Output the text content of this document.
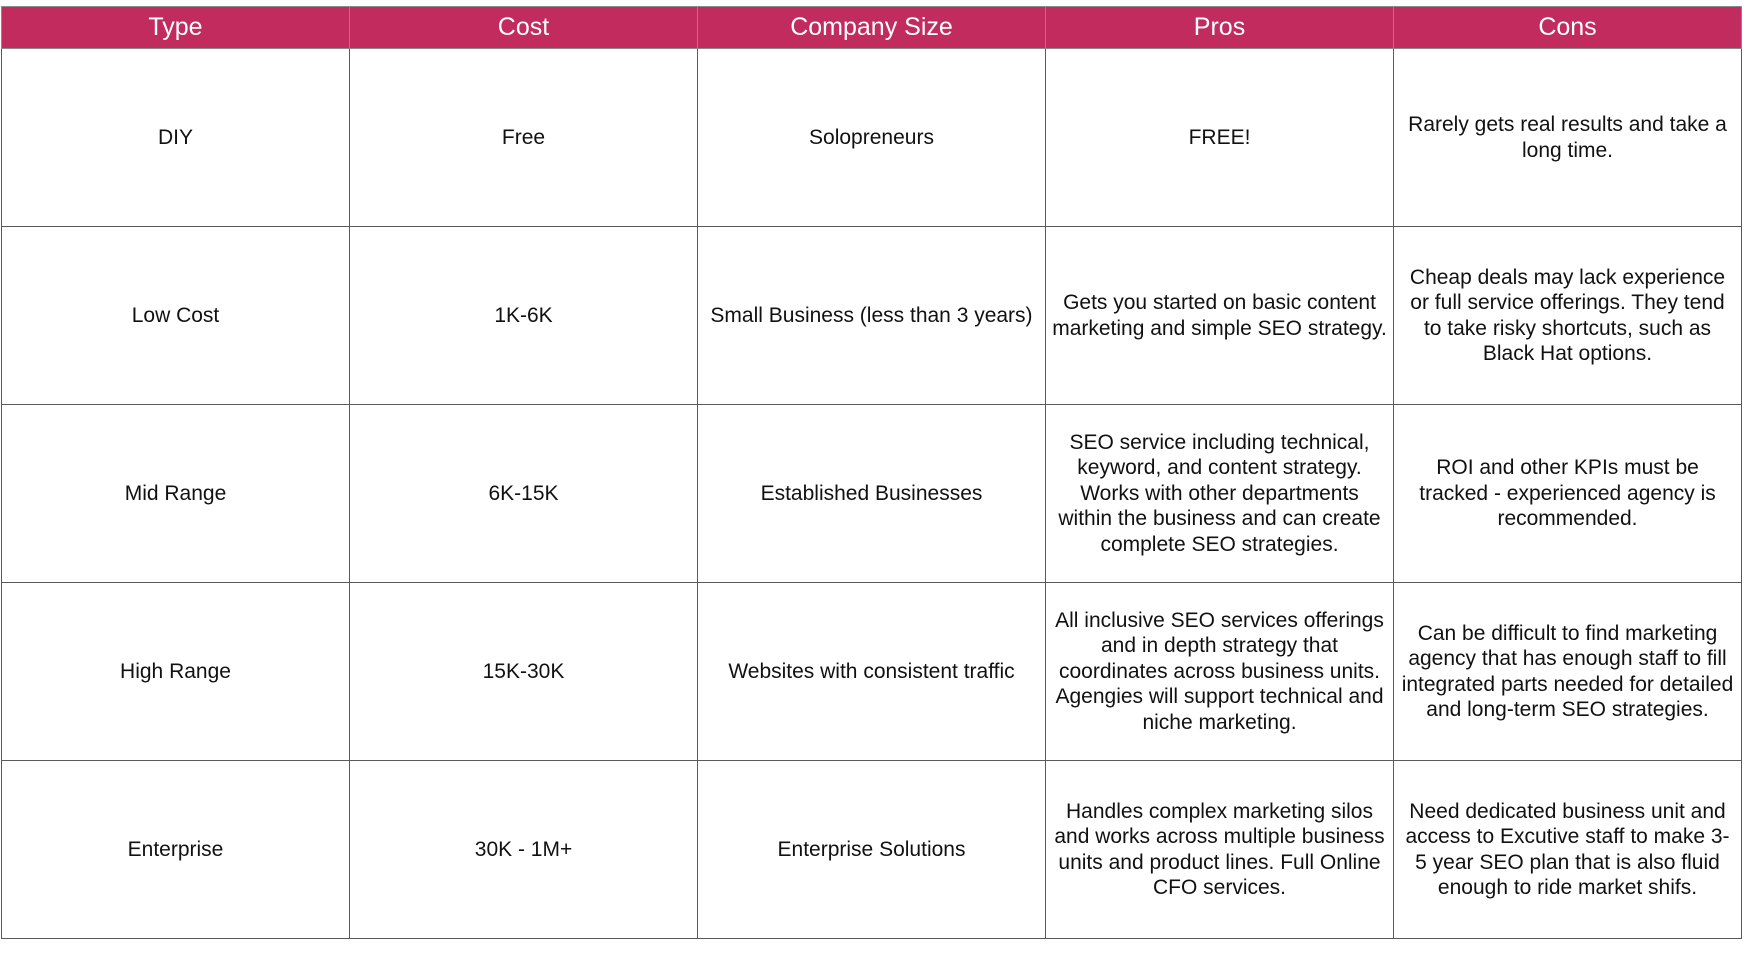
Type	Cost	Company Size	Pros	Cons
DIY	Free	Solopreneurs	FREE!	Rarely gets real results and take a long time.
Low Cost	1K-6K	Small Business (less than 3 years)	Gets you started on basic content marketing and simple SEO strategy.	Cheap deals may lack experience or full service offerings. They tend to take risky shortcuts, such as Black Hat options.
Mid Range	6K-15K	Established Businesses	SEO service including technical, keyword, and content strategy. Works with other departments within the business and can create complete SEO strategies.	ROI and other KPIs must be tracked - experienced agency is recommended.
High Range	15K-30K	Websites with consistent traffic	All inclusive SEO services offerings and in depth strategy that coordinates across business units. Agengies will support technical and niche marketing.	Can be difficult to find marketing agency that has enough staff to fill integrated parts needed for detailed and long-term SEO strategies.
Enterprise	30K - 1M+	Enterprise Solutions	Handles complex marketing silos and works across multiple business units and product lines. Full Online CFO services.	Need dedicated business unit and access to Excutive staff to make 3-5 year SEO plan that is also fluid enough to ride market shifs.
